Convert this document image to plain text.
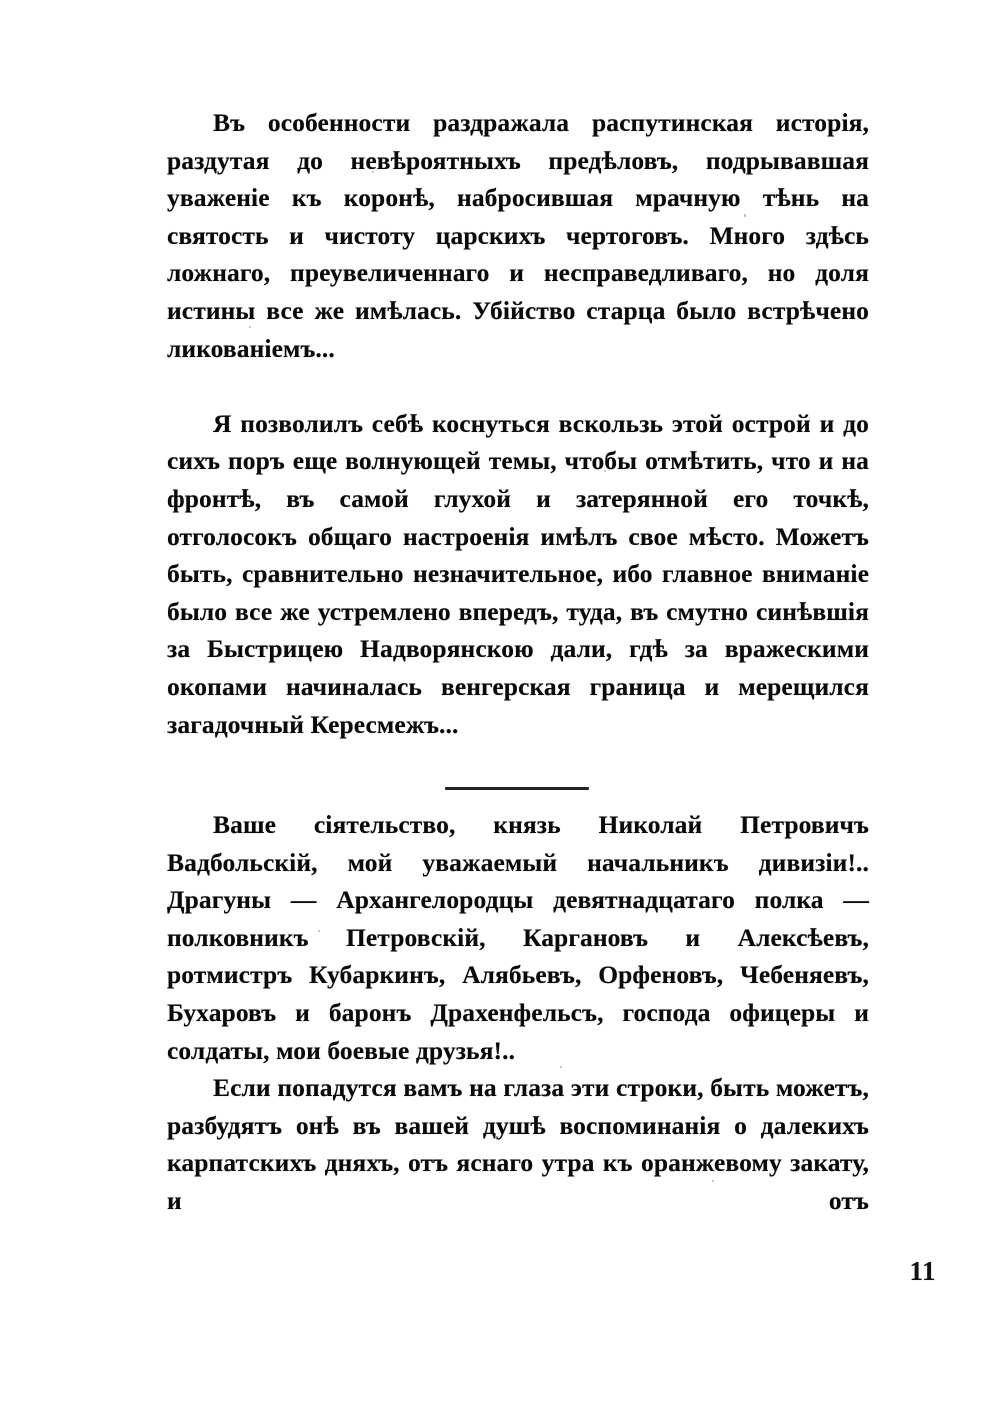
Въ особенности раздражала распутинская исторія, раздутая до невѣроятныхъ предѣловъ, подрывавшая уваженіе къ коронѣ, набросившая мрачную тѣнь на святость и чистоту царскихъ чертоговъ. Много здѣсь ложнаго, преувеличеннаго и несправедливаго, но доля истины все же имѣлась. Убійство старца было встрѣчено ликованіемъ...

Я позволилъ себѣ коснуться вскользь этой острой и до сихъ поръ еще волнующей темы, чтобы отмѣтить, что и на фронтѣ, въ самой глухой и затерянной его точкѣ, отголосокъ общаго настроенія имѣлъ свое мѣсто. Можетъ быть, сравнительно незначительное, ибо главное вниманіе было все же устремлено впередъ, туда, въ смутно синѣвшія за Быстрицею Надворянскою дали, гдѣ за вражескими окопами начиналась венгерская граница и мерещился загадочный Кересмежъ...

Ваше сіятельство, князь Николай Петровичъ Вадбольскій, мой уважаемый начальникъ дивизіи!.. Драгуны — Архангелородцы девятнадцатаго полка — полковникъ Петровскій, Каргановъ и Алексѣевъ, ротмистръ Кубаркинъ, Алябьевъ, Орфеновъ, Чебеняевъ, Бухаровъ и баронъ Драхенфельсъ, господа офицеры и солдаты, мои боевые друзья!..

Если попадутся вамъ на глаза эти строки, быть можетъ, разбудятъ онѣ въ вашей душѣ воспоминанія о далекихъ карпатскихъ дняхъ, отъ яснаго утра къ оранжевому закату, и отъ

11
